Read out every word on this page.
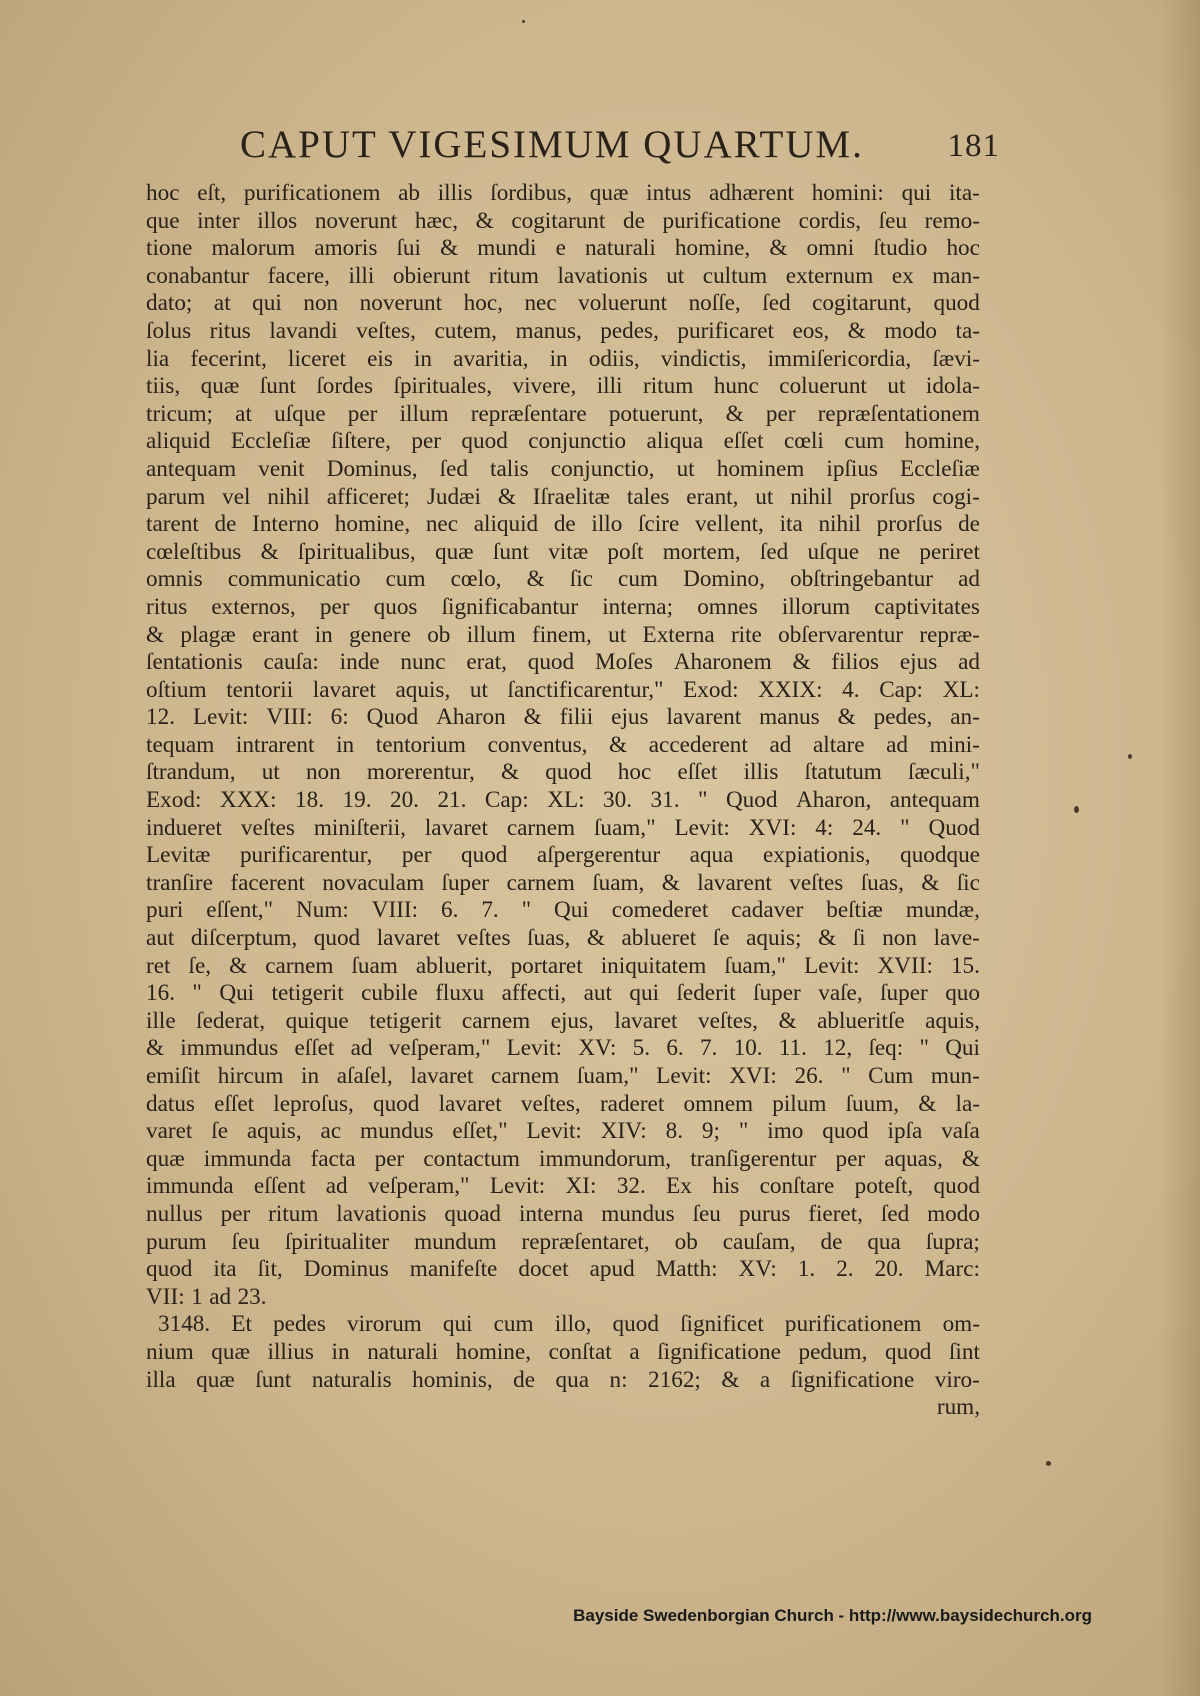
CAPUT VIGESIMUM QUARTUM.	181
hoc eſt, purificationem ab illis ſordibus, quæ intus adhærent homini: qui ita-
que inter illos noverunt hæc, & cogitarunt de purificatione cordis, ſeu remo-
tione malorum amoris ſui & mundi e naturali homine, & omni ſtudio hoc
conabantur facere, illi obierunt ritum lavationis ut cultum externum ex man-
dato; at qui non noverunt hoc, nec voluerunt noſſe, ſed cogitarunt, quod
ſolus ritus lavandi veſtes, cutem, manus, pedes, purificaret eos, & modo ta-
lia fecerint, liceret eis in avaritia, in odiis, vindictis, immiſericordia, ſævi-
tiis, quæ ſunt ſordes ſpirituales, vivere, illi ritum hunc coluerunt ut idola-
tricum; at uſque per illum repræſentare potuerunt, & per repræſentationem
aliquid Eccleſiæ ſiſtere, per quod conjunctio aliqua eſſet cœli cum homine,
antequam venit Dominus, ſed talis conjunctio, ut hominem ipſius Eccleſiæ
parum vel nihil afficeret; Judæi & Iſraelitæ tales erant, ut nihil prorſus cogi-
tarent de Interno homine, nec aliquid de illo ſcire vellent, ita nihil prorſus de
cœleſtibus & ſpiritualibus, quæ ſunt vitæ poſt mortem, ſed uſque ne periret
omnis communicatio cum cœlo, & ſic cum Domino, obſtringebantur ad
ritus externos, per quos ſignificabantur interna; omnes illorum captivitates
& plagæ erant in genere ob illum finem, ut Externa rite obſervarentur repræ-
ſentationis cauſa: inde nunc erat, quod Moſes Aharonem & filios ejus ad
oſtium tentorii lavaret aquis, ut ſanctificarentur," Exod: XXIX: 4. Cap: XL:
12. Levit: VIII: 6: Quod Aharon & filii ejus lavarent manus & pedes, an-
tequam intrarent in tentorium conventus, & accederent ad altare ad mini-
ſtrandum, ut non morerentur, & quod hoc eſſet illis ſtatutum ſæculi,"
Exod: XXX: 18. 19. 20. 21. Cap: XL: 30. 31. " Quod Aharon, antequam
indueret veſtes miniſterii, lavaret carnem ſuam," Levit: XVI: 4: 24. " Quod
Levitæ purificarentur, per quod aſpergerentur aqua expiationis, quodque
tranſire facerent novaculam ſuper carnem ſuam, & lavarent veſtes ſuas, & ſic
puri eſſent," Num: VIII: 6. 7. " Qui comederet cadaver beſtiæ mundæ,
aut diſcerptum, quod lavaret veſtes ſuas, & ablueret ſe aquis; & ſi non lave-
ret ſe, & carnem ſuam abluerit, portaret iniquitatem ſuam," Levit: XVII: 15.
16. " Qui tetigerit cubile fluxu affecti, aut qui ſederit ſuper vaſe, ſuper quo
ille ſederat, quique tetigerit carnem ejus, lavaret veſtes, & ablueritſe aquis,
& immundus eſſet ad veſperam," Levit: XV: 5. 6. 7. 10. 11. 12, ſeq: " Qui
emiſit hircum in aſaſel, lavaret carnem ſuam," Levit: XVI: 26. " Cum mun-
datus eſſet leproſus, quod lavaret veſtes, raderet omnem pilum ſuum, & la-
varet ſe aquis, ac mundus eſſet," Levit: XIV: 8. 9; " imo quod ipſa vaſa
quæ immunda facta per contactum immundorum, tranſigerentur per aquas, &
immunda eſſent ad veſperam," Levit: XI: 32. Ex his conſtare poteſt, quod
nullus per ritum lavationis quoad interna mundus ſeu purus fieret, ſed modo
purum ſeu ſpiritualiter mundum repræſentaret, ob cauſam, de qua ſupra;
quod ita ſit, Dominus manifeſte docet apud Matth: XV: 1. 2. 20. Marc:
VII: 1 ad 23.
3148. Et pedes virorum qui cum illo, quod ſignificet purificationem om-
nium quæ illius in naturali homine, conſtat a ſignificatione pedum, quod ſint
illa quæ ſunt naturalis hominis, de qua n: 2162; & a ſignificatione viro-
rum,
Bayside Swedenborgian Church - http://www.baysidechurch.org
